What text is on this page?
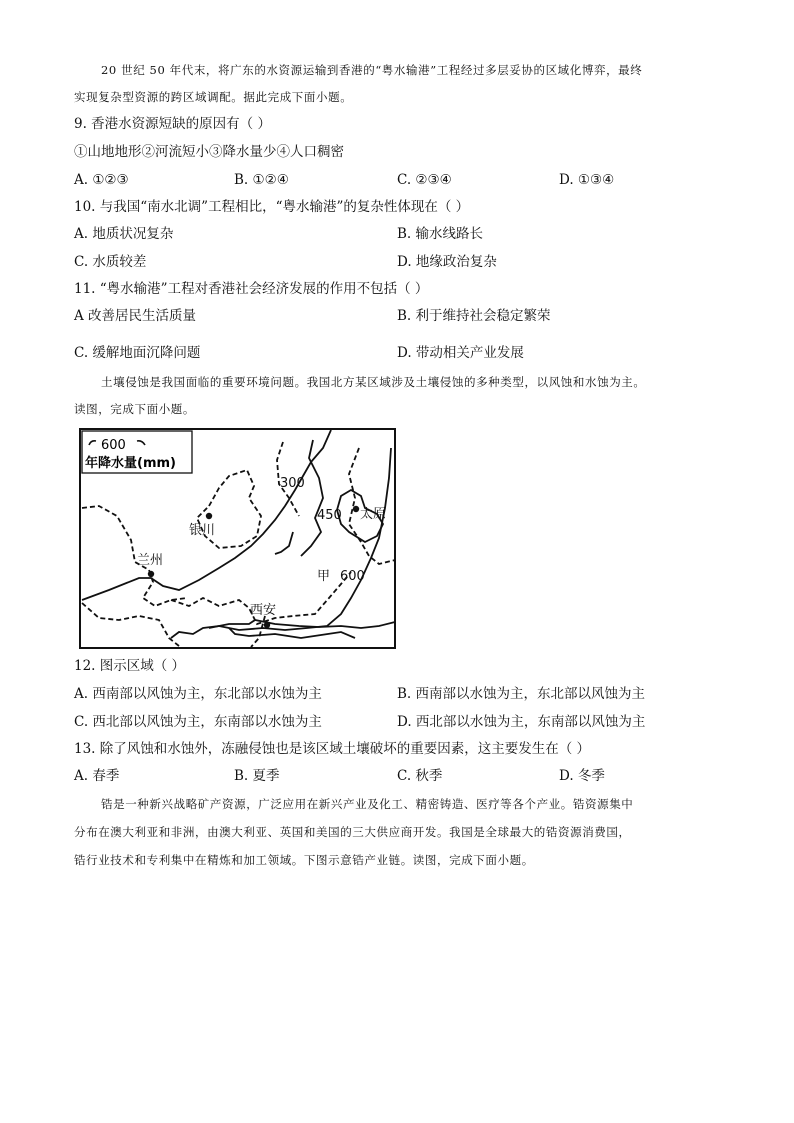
20 世纪 50 年代末，将广东的水资源运输到香港的“粤水输港”工程经过多层妥协的区域化博弈，最终
实现复杂型资源的跨区域调配。据此完成下面小题。
9. 香港水资源短缺的原因有（ ）
①山地地形②河流短小③降水量少④人口稠密
A. ①②③	B. ①②④	C. ②③④	D. ①③④
10. 与我国“南水北调”工程相比，“粤水输港”的复杂性体现在（ ）
A. 地质状况复杂	B. 输水线路长
C. 水质较差	D. 地缘政治复杂
11. “粤水输港”工程对香港社会经济发展的作用不包括（ ）
A 改善居民生活质量	B. 利于维持社会稳定繁荣
C. 缓解地面沉降问题	D. 带动相关产业发展
土壤侵蚀是我国面临的重要环境问题。我国北方某区域涉及土壤侵蚀的多种类型，以风蚀和水蚀为主。
读图，完成下面小题。
600
年降水量(mm)
300
450
600
甲
银川
太原
兰州
西安
12. 图示区域（ ）
A. 西南部以风蚀为主，东北部以水蚀为主	B. 西南部以水蚀为主，东北部以风蚀为主
C. 西北部以风蚀为主，东南部以水蚀为主	D. 西北部以水蚀为主，东南部以风蚀为主
13. 除了风蚀和水蚀外，冻融侵蚀也是该区域土壤破坏的重要因素，这主要发生在（ ）
A. 春季	B. 夏季	C. 秋季	D. 冬季
锆是一种新兴战略矿产资源，广泛应用在新兴产业及化工、精密铸造、医疗等各个产业。锆资源集中
分布在澳大利亚和非洲，由澳大利亚、英国和美国的三大供应商开发。我国是全球最大的锆资源消费国，
锆行业技术和专利集中在精炼和加工领域。下图示意锆产业链。读图，完成下面小题。
